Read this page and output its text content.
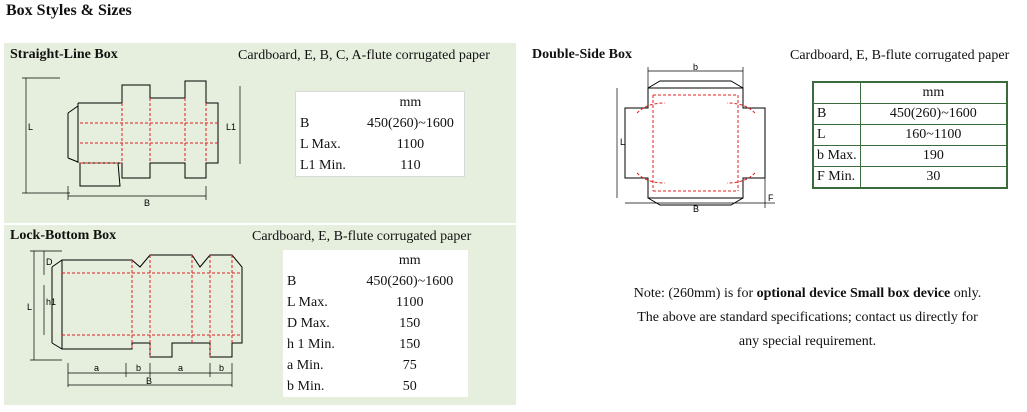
Box Styles & Sizes
Straight-Line Box	Cardboard, E, B, C, A-flute corrugated paper
L	L1
B
	mm
B	450(260)~1600
L Max.	1100
L1 Min.	110
Lock-Bottom Box	Cardboard, E, B-flute corrugated paper
D
h1
L
a	b	a	b
B
	mm
B	450(260)~1600
L Max.	1100
D Max.	150
h 1 Min.	150
a Min.	75
b Min.	50
Double-Side Box	Cardboard, E, B-flute corrugated paper
b
L
B
F
	mm
B	450(260)~1600
L	160~1100
b Max.	190
F Min.	30
Note: (260mm) is for optional device Small box device only.
The above are standard specifications; contact us directly for
any special requirement.
